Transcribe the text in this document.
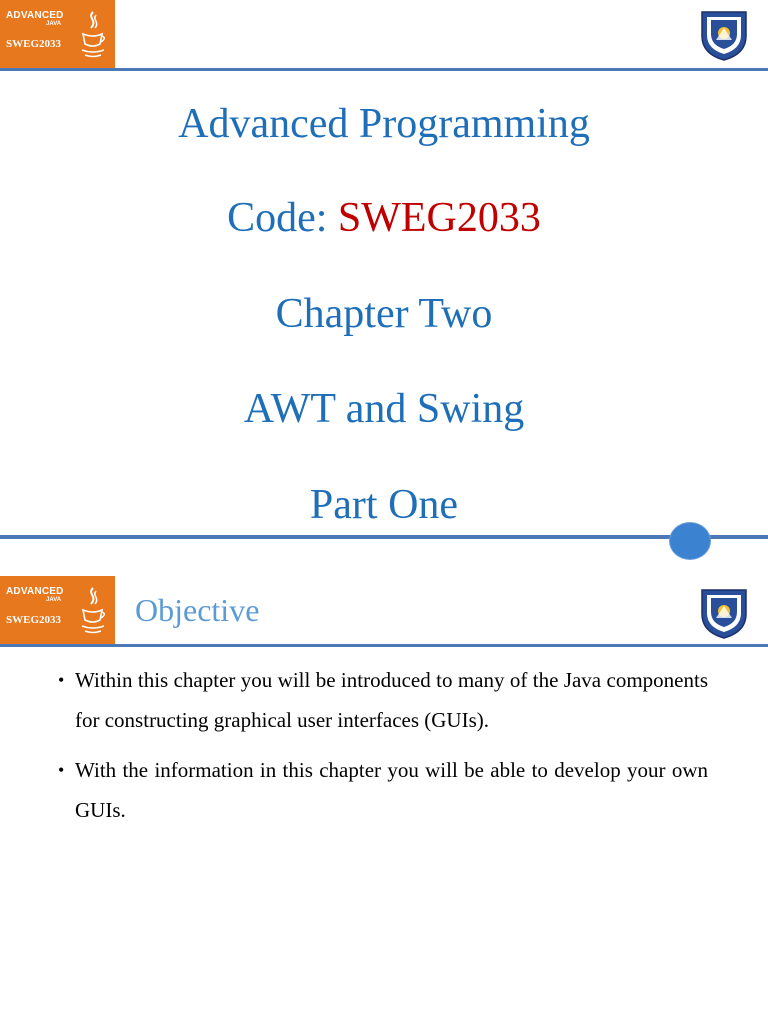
ADVANCED
JAVA
SWEG2033
Advanced Programming
Code: SWEG2033
Chapter Two
AWT and Swing
Part One
ADVANCED
JAVA
SWEG2033 Objective
• Within this chapter you will be introduced to many of the Java components for constructing graphical user interfaces (GUIs).
• With the information in this chapter you will be able to develop your own GUIs.
